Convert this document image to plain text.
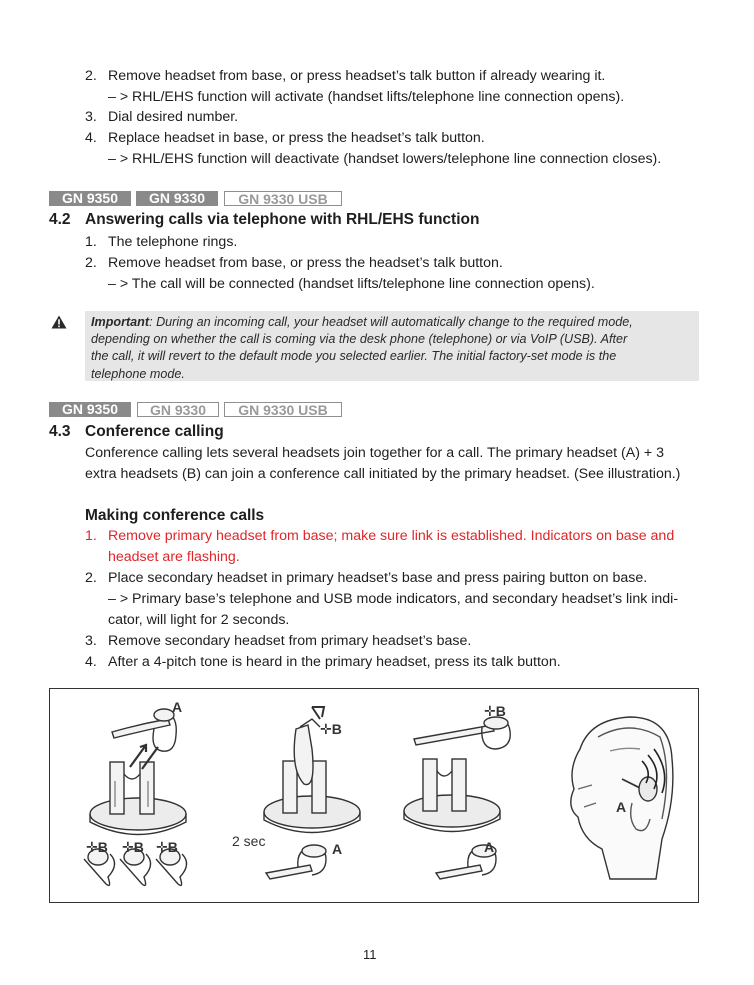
2. Remove headset from base, or press headset’s talk button if already wearing it.
– > RHL/EHS function will activate (handset lifts/telephone line connection opens).
3. Dial desired number.
4. Replace headset in base, or press the headset’s talk button.
– > RHL/EHS function will deactivate (handset lowers/telephone line connection closes).
GN 9350	GN 9330	GN 9330 USB
4.2 Answering calls via telephone with RHL/EHS function
1. The telephone rings.
2. Remove headset from base, or press the headset’s talk button.
– > The call will be connected (handset lifts/telephone line connection opens).
Important: During an incoming call, your headset will automatically change to the required mode,
depending on whether the call is coming via the desk phone (telephone) or via VoIP (USB). After
the call, it will revert to the default mode you selected earlier. The initial factory-set mode is the
telephone mode.
GN 9350	GN 9330	GN 9330 USB
4.3 Conference calling
Conference calling lets several headsets join together for a call. The primary headset (A) + 3
extra headsets (B) can join a conference call initiated by the primary headset. (See illustration.)
Making conference calls
1. Remove primary headset from base; make sure link is established. Indicators on base and
headset are flashing.
2. Place secondary headset in primary headset’s base and press pairing button on base.
– > Primary base’s telephone and USB mode indicators, and secondary headset’s link indi-
cator, will light for 2 seconds.
3. Remove secondary headset from primary headset’s base.
4. After a 4-pitch tone is heard in the primary headset, press its talk button.
A
✛B ✛B ✛B
✛B
A
2 sec
✛B
A
A
11
